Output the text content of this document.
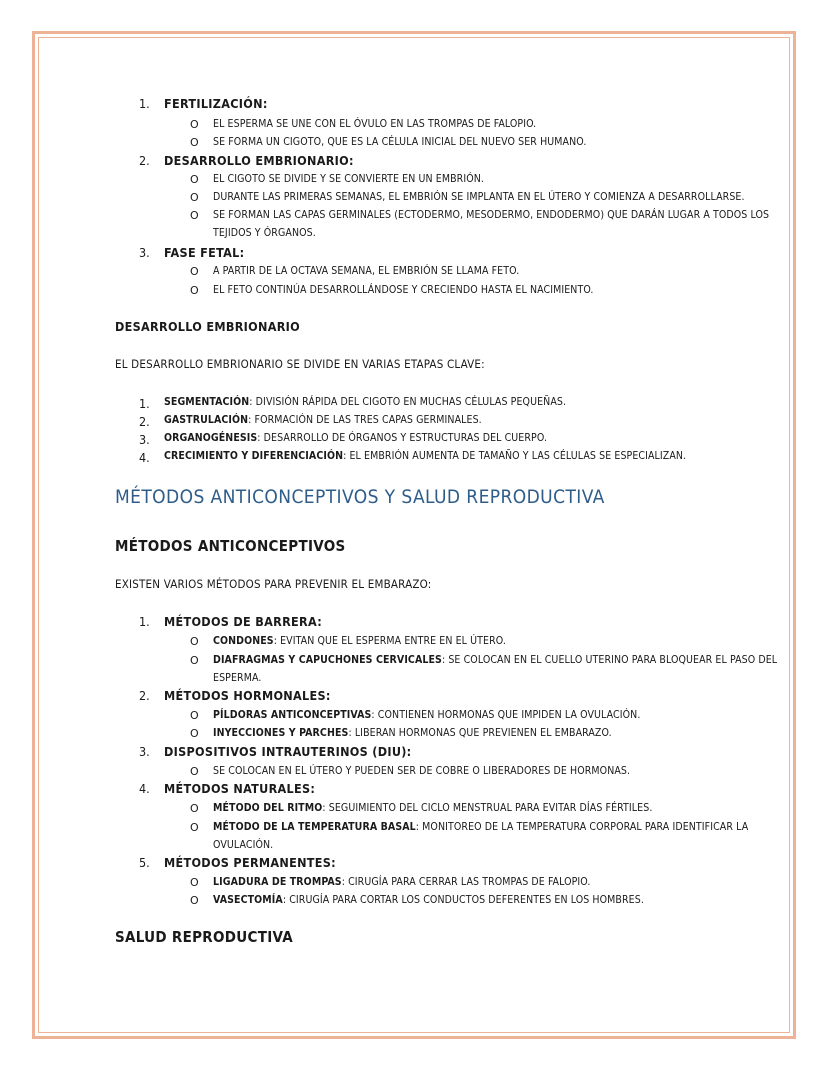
1. FERTILIZACIÓN:
O EL ESPERMA SE UNE CON EL ÓVULO EN LAS TROMPAS DE FALOPIO.
O SE FORMA UN CIGOTO, QUE ES LA CÉLULA INICIAL DEL NUEVO SER HUMANO.
2. DESARROLLO EMBRIONARIO:
O EL CIGOTO SE DIVIDE Y SE CONVIERTE EN UN EMBRIÓN.
O DURANTE LAS PRIMERAS SEMANAS, EL EMBRIÓN SE IMPLANTA EN EL ÚTERO Y COMIENZA A DESARROLLARSE.
O SE FORMAN LAS CAPAS GERMINALES (ECTODERMO, MESODERMO, ENDODERMO) QUE DARÁN LUGAR A TODOS LOS
TEJIDOS Y ÓRGANOS.
3. FASE FETAL:
O A PARTIR DE LA OCTAVA SEMANA, EL EMBRIÓN SE LLAMA FETO.
O EL FETO CONTINÚA DESARROLLÁNDOSE Y CRECIENDO HASTA EL NACIMIENTO.
DESARROLLO EMBRIONARIO
EL DESARROLLO EMBRIONARIO SE DIVIDE EN VARIAS ETAPAS CLAVE:
1. SEGMENTACIÓN: DIVISIÓN RÁPIDA DEL CIGOTO EN MUCHAS CÉLULAS PEQUEÑAS.
2. GASTRULACIÓN: FORMACIÓN DE LAS TRES CAPAS GERMINALES.
3. ORGANOGÉNESIS: DESARROLLO DE ÓRGANOS Y ESTRUCTURAS DEL CUERPO.
4. CRECIMIENTO Y DIFERENCIACIÓN: EL EMBRIÓN AUMENTA DE TAMAÑO Y LAS CÉLULAS SE ESPECIALIZAN.
MÉTODOS ANTICONCEPTIVOS Y SALUD REPRODUCTIVA
MÉTODOS ANTICONCEPTIVOS
EXISTEN VARIOS MÉTODOS PARA PREVENIR EL EMBARAZO:
1. MÉTODOS DE BARRERA:
O CONDONES: EVITAN QUE EL ESPERMA ENTRE EN EL ÚTERO.
O DIAFRAGMAS Y CAPUCHONES CERVICALES: SE COLOCAN EN EL CUELLO UTERINO PARA BLOQUEAR EL PASO DEL
ESPERMA.
2. MÉTODOS HORMONALES:
O PÍLDORAS ANTICONCEPTIVAS: CONTIENEN HORMONAS QUE IMPIDEN LA OVULACIÓN.
O INYECCIONES Y PARCHES: LIBERAN HORMONAS QUE PREVIENEN EL EMBARAZO.
3. DISPOSITIVOS INTRAUTERINOS (DIU):
O SE COLOCAN EN EL ÚTERO Y PUEDEN SER DE COBRE O LIBERADORES DE HORMONAS.
4. MÉTODOS NATURALES:
O MÉTODO DEL RITMO: SEGUIMIENTO DEL CICLO MENSTRUAL PARA EVITAR DÍAS FÉRTILES.
O MÉTODO DE LA TEMPERATURA BASAL: MONITOREO DE LA TEMPERATURA CORPORAL PARA IDENTIFICAR LA
OVULACIÓN.
5. MÉTODOS PERMANENTES:
O LIGADURA DE TROMPAS: CIRUGÍA PARA CERRAR LAS TROMPAS DE FALOPIO.
O VASECTOMÍA: CIRUGÍA PARA CORTAR LOS CONDUCTOS DEFERENTES EN LOS HOMBRES.
SALUD REPRODUCTIVA
